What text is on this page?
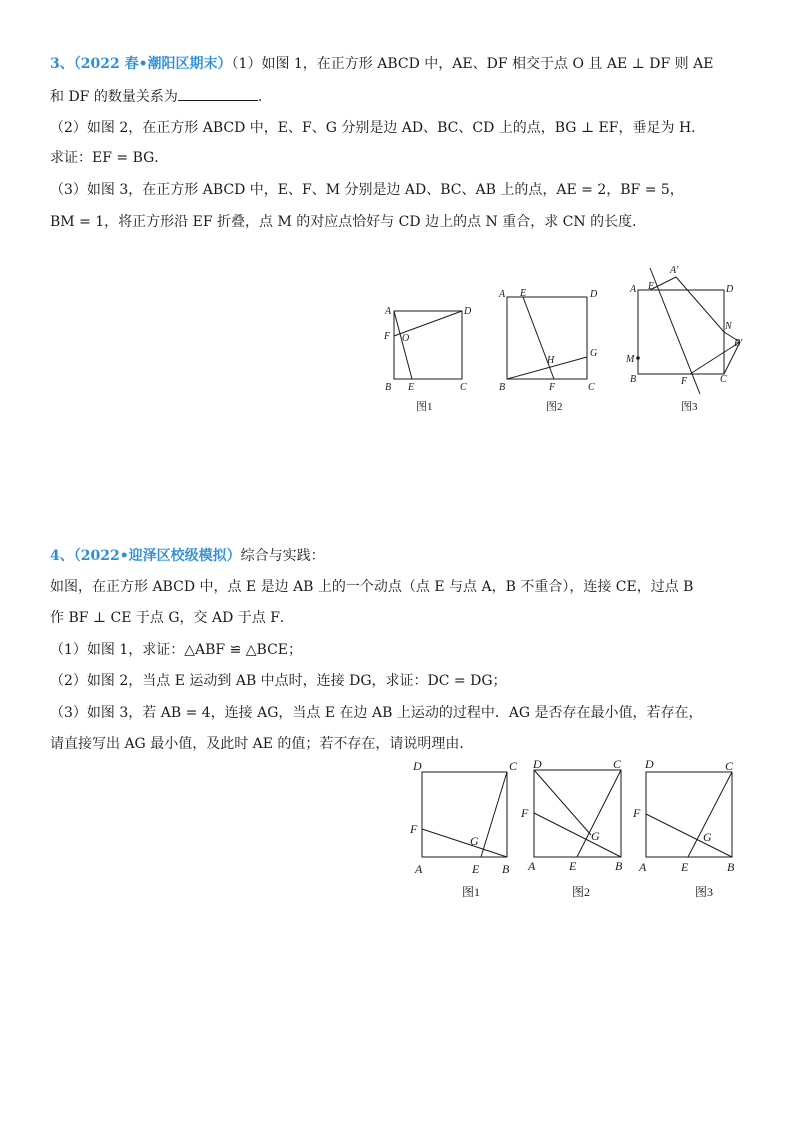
3、（2022 春•潮阳区期末）（1）如图 1，在正方形 ABCD 中，AE、DF 相交于点 O 且 AE ⊥ DF 则 AE
和 DF 的数量关系为	．
（2）如图 2，在正方形 ABCD 中，E、F、G 分别是边 AD、BC、CD 上的点，BG ⊥ EF，垂足为 H．
求证：EF = BG．
（3）如图 3，在正方形 ABCD 中，E、F、M 分别是边 AD、BC、AB 上的点，AE = 2，BF = 5，
BM = 1，将正方形沿 EF 折叠，点 M 的对应点恰好与 CD 边上的点 N 重合，求 CN 的长度．
A	D
F O
B E	C
A E	D
G
H
B	F	C
A E
A'
D
N
B'
M
B	F	C
图1	图2	图3
4、（2022•迎泽区校级模拟）综合与实践：
如图，在正方形 ABCD 中，点 E 是边 AB 上的一个动点（点 E 与点 A，B 不重合），连接 CE，过点 B
作 BF ⊥ CE 于点 G，交 AD 于点 F．
（1）如图 1，求证：△ABF ≌ △BCE；
（2）如图 2，当点 E 运动到 AB 中点时，连接 DG，求证：DC = DG；
（3）如图 3，若 AB = 4，连接 AG，当点 E 在边 AB 上运动的过程中．AG 是否存在最小值，若存在，
请直接写出 AG 最小值，及此时 AE 的值；若不存在，请说明理由．
D	C
F
G
A	E B
D	C
F
G
A	E	B
D	C
F
G
A	E	B
图1	图2	图3
